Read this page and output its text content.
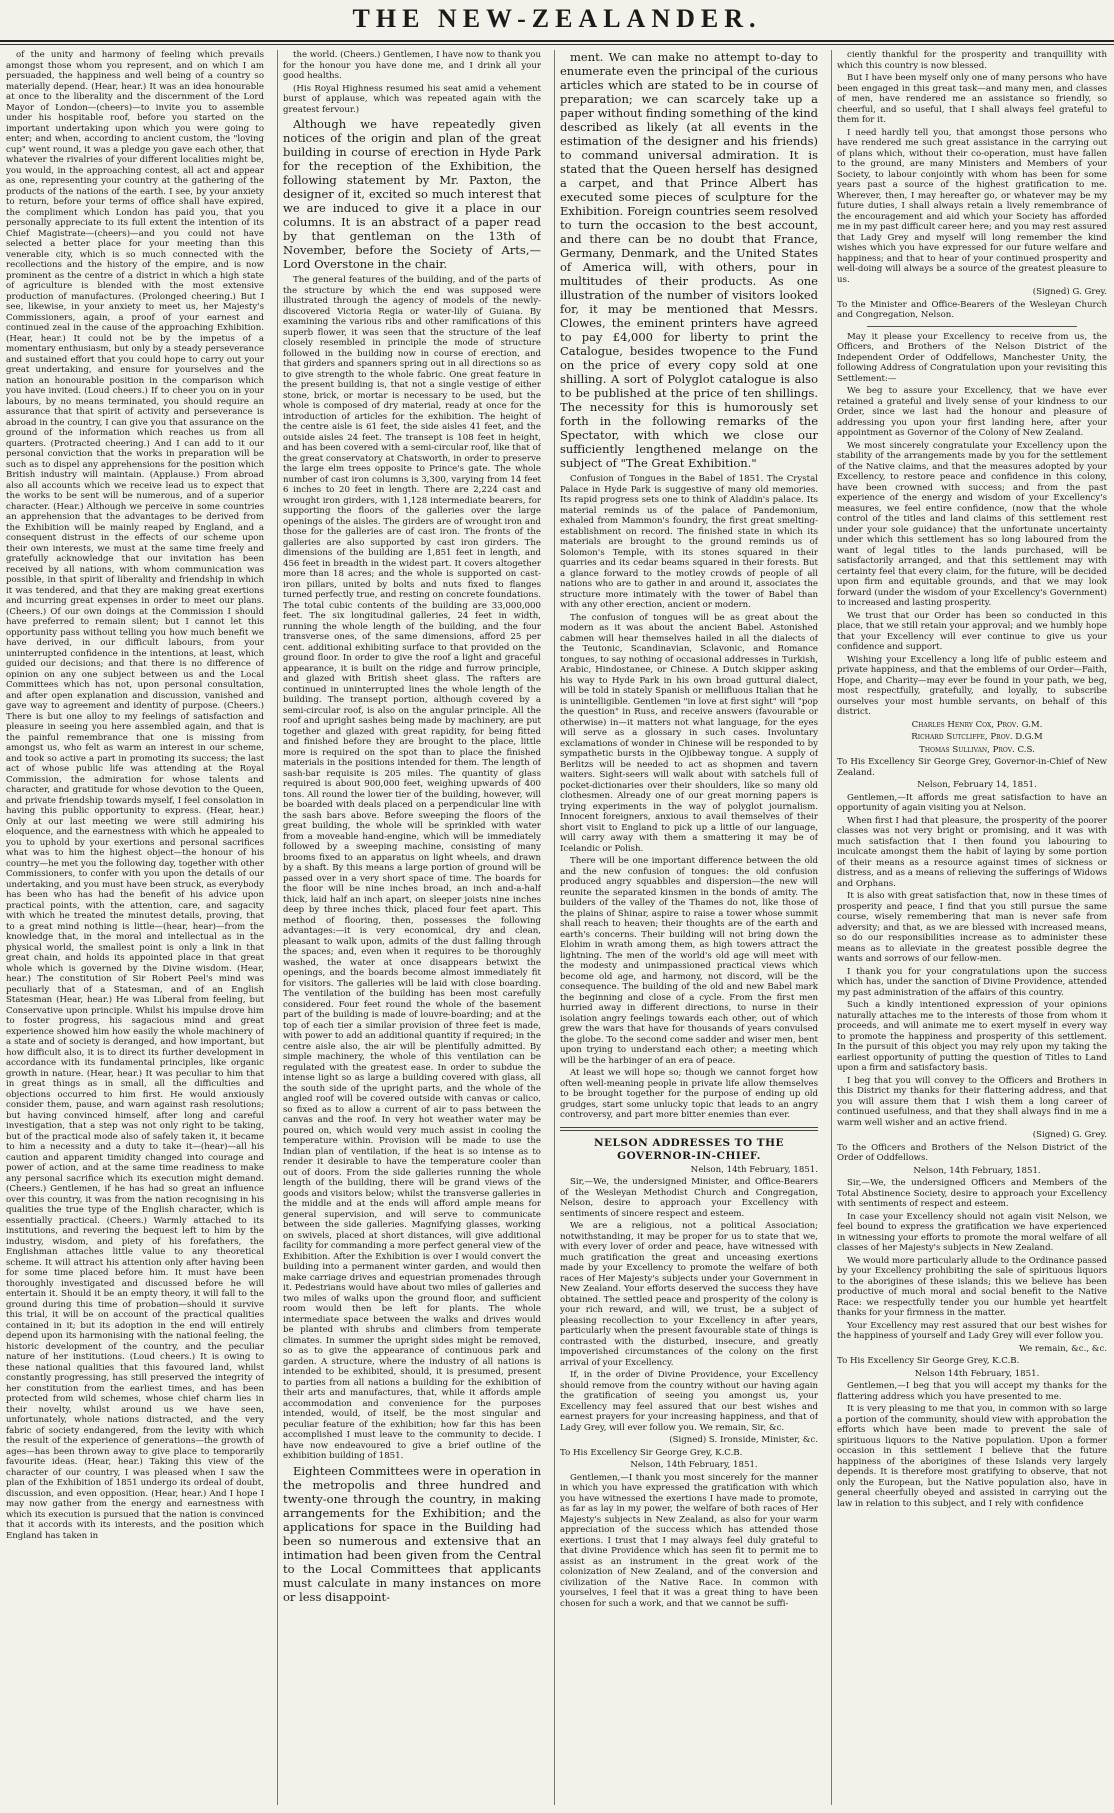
THE NEW-ZEALANDER.

of the unity and harmony of feeling which prevails amongst those whom you represent, and on which I am persuaded, the happiness and well being of a country so materially depend. (Hear, hear.) It was an idea honourable at once to the liberality and the discernment of the Lord Mayor of London—(cheers)—to invite you to assemble under his hospitable roof, before you started on the important undertaking upon which you were going to enter; and when, according to ancient custom, the "loving cup" went round, it was a pledge you gave each other, that whatever the rivalries of your different localities might be, you would, in the approaching contest, all act and appear as one, representing your country at the gathering of the products of the nations of the earth. I see, by your anxiety to return, before your terms of office shall have expired, the compliment which London has paid you, that you personally appreciate to its full extent the intention of its Chief Magistrate—(cheers)—and you could not have selected a better place for your meeting than this venerable city, which is so much connected with the recollections and the history of the empire, and is now prominent as the centre of a district in which a high state of agriculture is blended with the most extensive production of manufactures. (Prolonged cheering.) But I see, likewise, in your anxiety to meet us, her Majesty's Commissioners, again, a proof of your earnest and continued zeal in the cause of the approaching Exhibition. (Hear, hear.) It could not be by the impetus of a momentary enthusiasm, but only by a steady perseverance and sustained effort that you could hope to carry out your great undertaking, and ensure for yourselves and the nation an honourable position in the comparison which you have invited. (Loud cheers.) If to cheer you on in your labours, by no means terminated, you should require an assurance that that spirit of activity and perseverance is abroad in the country, I can give you that assurance on the ground of the information which reaches us from all quarters. (Protracted cheering.) And I can add to it our personal conviction that the works in preparation will be such as to dispel any apprehensions for the position which British industry will maintain. (Applause.) From abroad also all accounts which we receive lead us to expect that the works to be sent will be numerous, and of a superior character. (Hear.) Although we perceive in some countries an apprehension that the advantages to be derived from the Exhibition will be mainly reaped by England, and a consequent distrust in the effects of our scheme upon their own interests, we must at the same time freely and gratefully acknowledge that our invitation has been received by all nations, with whom communication was possible, in that spirit of liberality and friendship in which it was tendered, and that they are making great exertions and incurring great expenses in order to meet our plans. (Cheers.) Of our own doings at the Commission I should have preferred to remain silent; but I cannot let this opportunity pass without telling you how much benefit we have derived, in our difficult labours, from your uninterrupted confidence in the intentions, at least, which guided our decisions; and that there is no difference of opinion on any one subject between us and the Local Committees which has not, upon personal consultation, and after open explanation and discussion, vanished and gave way to agreement and identity of purpose. (Cheers.) There is but one alloy to my feelings of satisfaction and pleasure in seeing you here assembled again, and that is the painful remembrance that one is missing from amongst us, who felt as warm an interest in our scheme, and took so active a part in promoting its success; the last act of whose public life was attending at the Royal Commission, the admiration for whose talents and character, and gratitude for whose devotion to the Queen, and private friendship towards myself, I feel consolation in having this public opportunity to express. (Hear, hear.) Only at our last meeting we were still admiring his eloquence, and the earnestness with which he appealed to you to uphold by your exertions and personal sacrifices what was to him the highest object—the honour of his country—he met you the following day, together with other Commissioners, to confer with you upon the details of our undertaking, and you must have been struck, as everybody has been who has had the benefit of his advice upon practical points, with the attention, care, and sagacity with which he treated the minutest details, proving, that to a great mind nothing is little—(hear, hear)—from the knowledge that, in the moral and intellectual as in the physical world, the smallest point is only a link in that great chain, and holds its appointed place in that great whole which is governed by the Divine wisdom. (Hear, hear.) The constitution of Sir Robert Peel's mind was peculiarly that of a Statesman, and of an English Statesman (Hear, hear.) He was Liberal from feeling, but Conservative upon principle. Whilst his impulse drove him to foster progress, his sagacious mind and great experience showed him how easily the whole machinery of a state and of society is deranged, and how important, but how difficult also, it is to direct its further development in accordance with its fundamental principles, like organic growth in nature. (Hear, hear.) It was peculiar to him that in great things as in small, all the difficulties and objections occurred to him first. He would anxiously consider them, pause, and warn against rash resolutions; but having convinced himself, after long and careful investigation, that a step was not only right to be taking, but of the practical mode also of safely taken it, it became to him a necessity and a duty to take it—(hear)—all his caution and apparent timidity changed into courage and power of action, and at the same time readiness to make any personal sacrifice which its execution might demand. (Cheers.) Gentlemen, if he has had so great an influence over this country, it was from the nation recognising in his qualities the true type of the English character, which is essentially practical. (Cheers.) Warmly attached to its institutions, and revering the bequest left to him by the industry, wisdom, and piety of his forefathers, the Englishman attaches little value to any theoretical scheme. It will attract his attention only after having been for some time placed before him. It must have been thoroughly investigated and discussed before he will entertain it. Should it be an empty theory, it will fall to the ground during this time of probation—should it survive this trial, it will be on account of the practical qualities contained in it; but its adoption in the end will entirely depend upon its harmonising with the national feeling, the historic development of the country, and the peculiar nature of her institutions. (Loud cheers.) It is owing to these national qualities that this favoured land, whilst constantly progressing, has still preserved the integrity of her constitution from the earliest times, and has been protected from wild schemes, whose chief charm lies in their novelty, whilst around us we have seen, unfortunately, whole nations distracted, and the very fabric of society endangered, from the levity with which the result of the experience of generations—the growth of ages—has been thrown away to give place to temporarily favourite ideas. (Hear, hear.) Taking this view of the character of our country, I was pleased when I saw the plan of the Exhibition of 1851 undergo its ordeal of doubt, discussion, and even opposition. (Hear, hear.) And I hope I may now gather from the energy and earnestness with which its execution is pursued that the nation is convinced that it accords with its interests, and the position which England has taken in

the world. (Cheers.) Gentlemen, I have now to thank you for the honour you have done me, and I drink all your good healths.

(His Royal Highness resumed his seat amid a vehement burst of applause, which was repeated again with the greatest fervour.)

Although we have repeatedly given notices of the origin and plan of the great building in course of erection in Hyde Park for the reception of the Exhibition, the following statement by Mr. Paxton, the designer of it, excited so much interest that we are induced to give it a place in our columns. It is an abstract of a paper read by that gentleman on the 13th of November, before the Society of Arts,—Lord Overstone in the chair.

The general features of the building, and of the parts of the structure by which the end was supposed were illustrated through the agency of models of the newly-discovered Victoria Regia or water-lily of Guiana. By examining the various ribs and other ramifications of this superb flower, it was seen that the structure of the leaf closely resembled in principle the mode of structure followed in the building now in course of erection, and that girders and spanners spring out in all directions so as to give strength to the whole fabric. One great feature in the present building is, that not a single vestige of either stone, brick, or mortar is necessary to be used, but the whole is composed of dry material, ready at once for the introduction of articles for the exhibition. The height of the centre aisle is 61 feet, the side aisles 41 feet, and the outside aisles 24 feet. The transept is 108 feet in height, and has been covered with a semi-circular roof, like that of the great conservatory at Chatsworth, in order to preserve the large elm trees opposite to Prince's gate. The whole number of cast iron columns is 3,300, varying from 14 feet 6 inches to 20 feet in length. There are 2,224 cast and wrought iron girders, with 1,128 intermediate bearers, for supporting the floors of the galleries over the large openings of the aisles. The girders are of wrought iron and those for the galleries are of cast iron. The fronts of the galleries are also supported by cast iron girders. The dimensions of the building are 1,851 feet in length, and 456 feet in breadth in the widest part. It covers altogether more than 18 acres; and the whole is supported on cast-iron pillars, united by bolts and nuts fixed to flanges turned perfectly true, and resting on concrete foundations. The total cubic contents of the building are 33,000,000 feet. The six longitudinal galleries, 24 feet in width, running the whole length of the building, and the four transverse ones, of the same dimensions, afford 25 per cent. additional exhibiting surface to that provided on the ground floor. In order to give the roof a light and graceful appearance, it is built on the ridge and furrow principle, and glazed with British sheet glass. The rafters are continued in uninterrupted lines the whole length of the building. The transept portion, although covered by a semi-circular roof, is also on the angular principle. All the roof and upright sashes being made by machinery, are put together and glazed with great rapidity, for being fitted and finished before they are brought to the place, little more is required on the spot than to place the finished materials in the positions intended for them. The length of sash-bar requisite is 205 miles. The quantity of glass required is about 900,000 feet, weighing upwards of 400 tons. All round the lower tier of the building, however, will be boarded with deals placed on a perpendicular line with the sash bars above. Before sweeping the floors of the great building, the whole will be sprinkled with water from a moveable hand-engine, which will be immediately followed by a sweeping machine, consisting of many brooms fixed to an apparatus on light wheels, and drawn by a shaft. By this means a large portion of ground will be passed over in a very short space of time. The boards for the floor will be nine inches broad, an inch and-a-half thick, laid half an inch apart, on sleeper joists nine inches deep by three inches thick, placed four feet apart. This method of flooring, then, possesses the following advantages:—it is very economical, dry and clean, pleasant to walk upon, admits of the dust falling through the spaces; and, even when it requires to be thoroughly washed, the water at once disappears betwixt the openings, and the boards become almost immediately fit for visitors. The galleries will be laid with close boarding. The ventilation of the building has been most carefully considered. Four feet round the whole of the basement part of the building is made of louvre-boarding; and at the top of each tier a similar provision of three feet is made, with power to add an additional quantity if required; in the centre aisle also, the air will be plentifully admitted. By simple machinery, the whole of this ventilation can be regulated with the greatest ease. In order to subdue the intense light so as large a building covered with glass, all the south side of the upright parts, and the whole of the angled roof will be covered outside with canvas or calico, so fixed as to allow a current of air to pass between the canvas and the roof. In very hot weather water may be poured on, which would very much assist in cooling the temperature within. Provision will be made to use the Indian plan of ventilation, if the heat is so intense as to render it desirable to have the temperature cooler than out of doors. From the side galleries running the whole length of the building, there will be grand views of the goods and visitors below; whilst the transverse galleries in the middle and at the ends will afford ample means for general supervision, and will serve to communicate between the side galleries. Magnifying glasses, working on swivels, placed at short distances, will give additional facility for commanding a more perfect general view of the Exhibition. After the Exhibition is over I would convert the building into a permanent winter garden, and would then make carriage drives and equestrian promenades through it. Pedestrians would have about two miles of galleries and two miles of walks upon the ground floor, and sufficient room would then be left for plants. The whole intermediate space between the walks and drives would be planted with shrubs and climbers from temperate climates. In summer the upright sides might be removed, so as to give the appearance of continuous park and garden. A structure, where the industry of all nations is intended to be exhibited, should, it is presumed, present to parties from all nations a building for the exhibition of their arts and manufactures, that, while it affords ample accommodation and convenience for the purposes intended, would, of itself, be the most singular and peculiar feature of the exhibition; how far this has been accomplished I must leave to the community to decide. I have now endeavoured to give a brief outline of the exhibition building of 1851.

Eighteen Committees were in operation in the metropolis and three hundred and twenty-one through the country, in making arrangements for the Exhibition; and the applications for space in the Building had been so numerous and extensive that an intimation had been given from the Central to the Local Committees that applicants must calculate in many instances on more or less disappoint-

ment. We can make no attempt to-day to enumerate even the principal of the curious articles which are stated to be in course of preparation; we can scarcely take up a paper without finding something of the kind described as likely (at all events in the estimation of the designer and his friends) to command universal admiration. It is stated that the Queen herself has designed a carpet, and that Prince Albert has executed some pieces of sculpture for the Exhibition. Foreign countries seem resolved to turn the occasion to the best account, and there can be no doubt that France, Germany, Denmark, and the United States of America will, with others, pour in multitudes of their products. As one illustration of the number of visitors looked for, it may be mentioned that Messrs. Clowes, the eminent printers have agreed to pay £4,000 for liberty to print the Catalogue, besides twopence to the Fund on the price of every copy sold at one shilling. A sort of Polyglot catalogue is also to be published at the price of ten shillings. The necessity for this is humorously set forth in the following remarks of the Spectator, with which we close our sufficiently lengthened melange on the subject of "The Great Exhibition."

Confusion of Tongues in the Babel of 1851. The Crystal Palace in Hyde Park is suggestive of many old memories. Its rapid progress sets one to think of Aladdin's palace. Its material reminds us of the palace of Pandemonium, exhaled from Mammon's foundry, the first great smelting-establishment on record. The finished state in which its materials are brought to the ground reminds us of Solomon's Temple, with its stones squared in their quarries and its cedar beams squared in their forests. But a glance forward to the motley crowds of people of all nations who are to gather in and around it, associates the structure more intimately with the tower of Babel than with any other erection, ancient or modern.

The confusion of tongues will be as great about the modern as it was about the ancient Babel. Astonished cabmen will hear themselves hailed in all the dialects of the Teutonic, Scandinavian, Sclavonic, and Romance tongues, to say nothing of occasional addresses in Turkish, Arabic, Hindostanee, or Chinese. A Dutch skipper asking his way to Hyde Park in his own broad guttural dialect, will be told in stately Spanish or mellifluous Italian that he is unintelligible. Gentlemen "in love at first sight" will "pop the question" in Russ, and receive answers (favourable or otherwise) in—it matters not what language, for the eyes will serve as a glossary in such cases. Involuntary exclamations of wonder in Chinese will be responded to by sympathetic bursts in the Ojibbeway tongue. A supply of Berlitzs will be needed to act as shopmen and tavern waiters. Sight-seers will walk about with satchels full of pocket-dictionaries over their shoulders, like so many old clothesmen. Already one of our great morning papers is trying experiments in the way of polyglot journalism. Innocent foreigners, anxious to avail themselves of their short visit to England to pick up a little of our language, will carry away with them a smattering it may be of Icelandic or Polish.

There will be one important difference between the old and the new confusion of tongues: the old confusion produced angry squabbles and dispersion—the new will reunite the separated kinsmen in the bonds of amity. The builders of the valley of the Thames do not, like those of the plains of Shinar, aspire to raise a tower whose summit shall reach to heaven; their thoughts are of the earth and earth's concerns. Their building will not bring down the Elohim in wrath among them, as high towers attract the lightning. The men of the world's old age will meet with the modesty and unimpassioned practical views which become old age, and harmony, not discord, will be the consequence. The building of the old and new Babel mark the beginning and close of a cycle. From the first men hurried away in different directions, to nurse in their isolation angry feelings towards each other, out of which grew the wars that have for thousands of years convulsed the globe. To the second come sadder and wiser men, bent upon trying to understand each other; a meeting which will be the harbinger of an era of peace.

At least we will hope so; though we cannot forget how often well-meaning people in private life allow themselves to be brought together for the purpose of ending up old grudges, start some unlucky topic that leads to an angry controversy, and part more bitter enemies than ever.

NELSON ADDRESSES TO THE GOVERNOR-IN-CHIEF.

Nelson, 14th February, 1851.

Sir,—We, the undersigned Minister, and Office-Bearers of the Wesleyan Methodist Church and Congregation, Nelson, desire to approach your Excellency with sentiments of sincere respect and esteem.

We are a religious, not a political Association; notwithstanding, it may be proper for us to state that we, with every lover of order and peace, have witnessed with much gratification the great and unceasing exertions made by your Excellency to promote the welfare of both races of Her Majesty's subjects under your Government in New Zealand. Your efforts deserved the success they have obtained. The settled peace and prosperity of the colony is your rich reward, and will, we trust, be a subject of pleasing recollection to your Excellency in after years, particularly when the present favourable state of things is contrasted with the disturbed, insecure, and greatly impoverished circumstances of the colony on the first arrival of your Excellency.

If, in the order of Divine Providence, your Excellency should remove from the country without our having again the gratification of seeing you amongst us, your Excellency may feel assured that our best wishes and earnest prayers for your increasing happiness, and that of Lady Grey, will ever follow you. We remain, Sir, &c.

(Signed) S. Ironside, Minister, &c.

To His Excellency Sir George Grey, K.C.B.

Nelson, 14th February, 1851.

Gentlemen,—I thank you most sincerely for the manner in which you have expressed the gratification with which you have witnessed the exertions I have made to promote, as far as lay in my power, the welfare of both races of Her Majesty's subjects in New Zealand, as also for your warm appreciation of the success which has attended those exertions. I trust that I may always feel duly grateful to that divine Providence which has seen fit to permit me to assist as an instrument in the great work of the colonization of New Zealand, and of the conversion and civilization of the Native Race. In common with yourselves, I feel that it was a great thing to have been chosen for such a work, and that we cannot be suffi-

ciently thankful for the prosperity and tranquillity with which this country is now blessed.

But I have been myself only one of many persons who have been engaged in this great task—and many men, and classes of men, have rendered me an assistance so friendly, so cheerful, and so useful, that I shall always feel grateful to them for it.

I need hardly tell you, that amongst those persons who have rendered me such great assistance in the carrying out of plans which, without their co-operation, must have fallen to the ground, are many Ministers and Members of your Society, to labour conjointly with whom has been for some years past a source of the highest gratification to me. Wherever, then, I may hereafter go, or whatever may be my future duties, I shall always retain a lively remembrance of the encouragement and aid which your Society has afforded me in my past difficult career here; and you may rest assured that Lady Grey and myself will long remember the kind wishes which you have expressed for our future welfare and happiness; and that to hear of your continued prosperity and well-doing will always be a source of the greatest pleasure to us.

(Signed) G. Grey.

To the Minister and Office-Bearers of the Wesleyan Church and Congregation, Nelson.

May it please your Excellency to receive from us, the Officers, and Brothers of the Nelson District of the Independent Order of Oddfellows, Manchester Unity, the following Address of Congratulation upon your revisiting this Settlement:—

We beg to assure your Excellency, that we have ever retained a grateful and lively sense of your kindness to our Order, since we last had the honour and pleasure of addressing you upon your first landing here, after your appointment as Governor of the Colony of New Zealand.

We most sincerely congratulate your Excellency upon the stability of the arrangements made by you for the settlement of the Native claims, and that the measures adopted by your Excellency, to restore peace and confidence in this colony, have been crowned with success; and from the past experience of the energy and wisdom of your Excellency's measures, we feel entire confidence, (now that the whole control of the titles and land claims of this settlement rest under your sole guidance) that the unfortunate uncertainty under which this settlement has so long laboured from the want of legal titles to the lands purchased, will be satisfactorily arranged, and that this settlement may with certainty feel that every claim, for the future, will be decided upon firm and equitable grounds, and that we may look forward (under the wisdom of your Excellency's Government) to increased and lasting prosperity.

We trust that our Order has been so conducted in this place, that we still retain your approval; and we humbly hope that your Excellency will ever continue to give us your confidence and support.

Wishing your Excellency a long life of public esteem and private happiness, and that the emblems of our Order—Faith, Hope, and Charity—may ever be found in your path, we beg, most respectfully, gratefully, and loyally, to subscribe ourselves your most humble servants, on behalf of this district.

Charles Henry Cox, Prov. G.M.

Richard Sutcliffe, Prov. D.G.M

Thomas Sullivan, Prov. C.S.

To His Excellency Sir George Grey, Governor-in-Chief of New Zealand.

Nelson, February 14, 1851.

Gentlemen,—It affords me great satisfaction to have an opportunity of again visiting you at Nelson.

When first I had that pleasure, the prosperity of the poorer classes was not very bright or promising, and it was with much satisfaction that I then found you labouring to inculcate amongst them the habit of laying by some portion of their means as a resource against times of sickness or distress, and as a means of relieving the sufferings of Widows and Orphans.

It is also with great satisfaction that, now in these times of prosperity and peace, I find that you still pursue the same course, wisely remembering that man is never safe from adversity; and that, as we are blessed with increased means, so do our responsibilities increase as to administer these means as to alleviate in the greatest possible degree the wants and sorrows of our fellow-men.

I thank you for your congratulations upon the success which has, under the sanction of Divine Providence, attended my past administration of the affairs of this country.

Such a kindly intentioned expression of your opinions naturally attaches me to the interests of those from whom it proceeds, and will animate me to exert myself in every way to promote the happiness and prosperity of this settlement. In the pursuit of this object you may rely upon my taking the earliest opportunity of putting the question of Titles to Land upon a firm and satisfactory basis.

I beg that you will convey to the Officers and Brothers in this District my thanks for their flattering address, and that you will assure them that I wish them a long career of continued usefulness, and that they shall always find in me a warm well wisher and an active friend.

(Signed) G. Grey.

To the Officers and Brothers of the Nelson District of the Order of Oddfellows.

Nelson, 14th February, 1851.

Sir,—We, the undersigned Officers and Members of the Total Abstinence Society, desire to approach your Excellency with sentiments of respect and esteem.

In case your Excellency should not again visit Nelson, we feel bound to express the gratification we have experienced in witnessing your efforts to promote the moral welfare of all classes of her Majesty's subjects in New Zealand.

We would more particularly allude to the Ordinance passed by your Excellency prohibiting the sale of spirituous liquors to the aborigines of these islands; this we believe has been productive of much moral and social benefit to the Native Race: we respectfully tender you our humble yet heartfelt thanks for your firmness in the matter.

Your Excellency may rest assured that our best wishes for the happiness of yourself and Lady Grey will ever follow you.

We remain, &c., &c.

To His Excellency Sir George Grey, K.C.B.

Nelson 14th February, 1851.

Gentlemen,—I beg that you will accept my thanks for the flattering address which you have presented to me.

It is very pleasing to me that you, in common with so large a portion of the community, should view with approbation the efforts which have been made to prevent the sale of spirituous liquors to the Native population. Upon a former occasion in this settlement I believe that the future happiness of the aborigines of these Islands very largely depends. It is therefore most gratifying to observe, that not only the European, but the Native population also, have in general cheerfully obeyed and assisted in carrying out the law in relation to this subject, and I rely with confidence
